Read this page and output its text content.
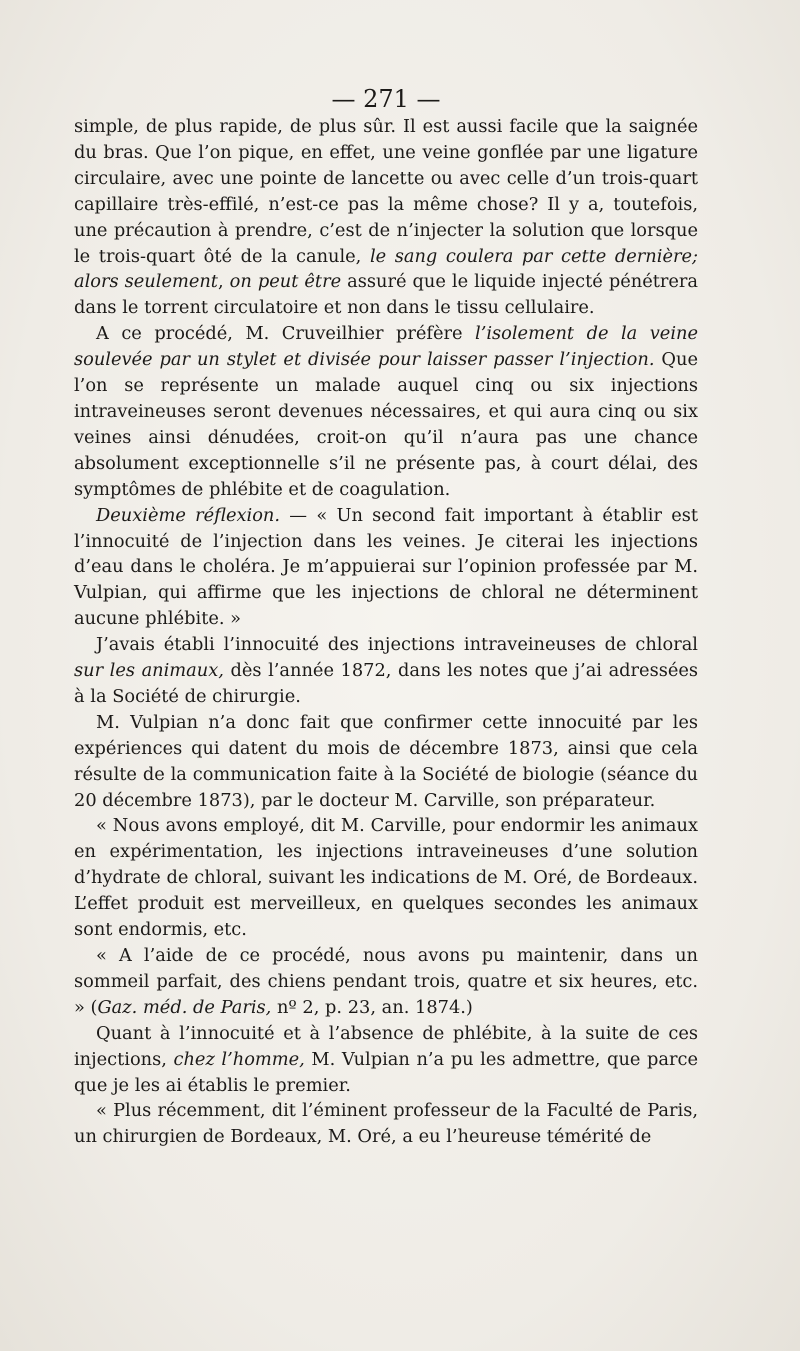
— 271 —

simple, de plus rapide, de plus sûr. Il est aussi facile que la saignée du bras. Que l’on pique, en effet, une veine gonflée par une ligature circulaire, avec une pointe de lancette ou avec celle d’un trois-quart capillaire très-effilé, n’est-ce pas la même chose? Il y a, toutefois, une précaution à prendre, c’est de n’injecter la solution que lorsque le trois-quart ôté de la canule, le sang coulera par cette dernière; alors seulement, on peut être assuré que le liquide injecté pénétrera dans le torrent circulatoire et non dans le tissu cellulaire.

A ce procédé, M. Cruveilhier préfère l’isolement de la veine soulevée par un stylet et divisée pour laisser passer l’injection. Que l’on se représente un malade auquel cinq ou six injections intraveineuses seront devenues nécessaires, et qui aura cinq ou six veines ainsi dénudées, croit-on qu’il n’aura pas une chance absolument exceptionnelle s’il ne présente pas, à court délai, des symptômes de phlébite et de coagulation.

Deuxième réflexion. — « Un second fait important à établir est l’innocuité de l’injection dans les veines. Je citerai les injections d’eau dans le choléra. Je m’appuierai sur l’opinion professée par M. Vulpian, qui affirme que les injections de chloral ne déterminent aucune phlébite. »

J’avais établi l’innocuité des injections intraveineuses de chloral sur les animaux, dès l’année 1872, dans les notes que j’ai adressées à la Société de chirurgie.

M. Vulpian n’a donc fait que confirmer cette innocuité par les expériences qui datent du mois de décembre 1873, ainsi que cela résulte de la communication faite à la Société de biologie (séance du 20 décembre 1873), par le docteur M. Carville, son préparateur.

« Nous avons employé, dit M. Carville, pour endormir les animaux en expérimentation, les injections intraveineuses d’une solution d’hydrate de chloral, suivant les indications de M. Oré, de Bordeaux. L’effet produit est merveilleux, en quelques secondes les animaux sont endormis, etc.

« A l’aide de ce procédé, nous avons pu maintenir, dans un sommeil parfait, des chiens pendant trois, quatre et six heures, etc. » (Gaz. méd. de Paris, nº 2, p. 23, an. 1874.)

Quant à l’innocuité et à l’absence de phlébite, à la suite de ces injections, chez l’homme, M. Vulpian n’a pu les admettre, que parce que je les ai établis le premier.

« Plus récemment, dit l’éminent professeur de la Faculté de Paris, un chirurgien de Bordeaux, M. Oré, a eu l’heureuse témérité de
